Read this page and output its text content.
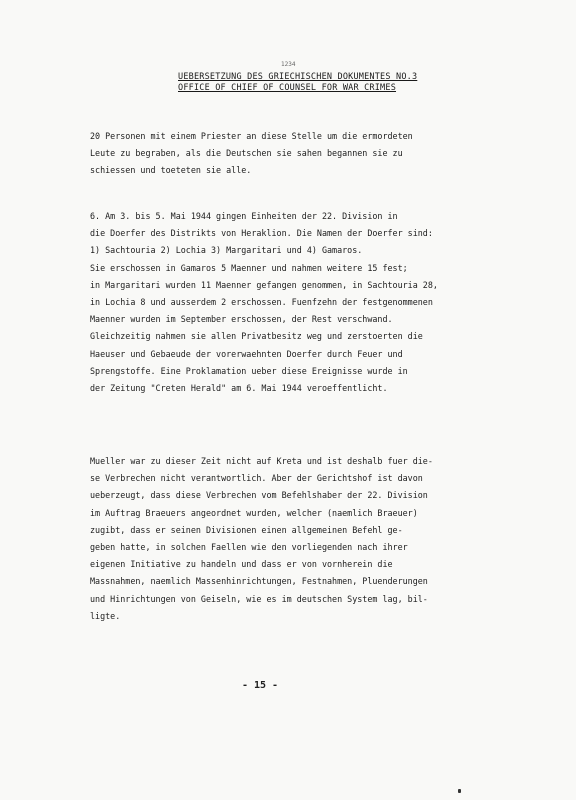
1234
UEBERSETZUNG DES GRIECHISCHEN DOKUMENTES NO.3
OFFICE OF CHIEF OF COUNSEL FOR WAR CRIMES
20 Personen mit einem Priester an diese Stelle um die ermordeten
Leute zu begraben, als die Deutschen sie sahen begannen sie zu
schiessen und toeteten sie alle.
6. Am 3. bis 5. Mai 1944 gingen Einheiten der 22. Division in
die Doerfer des Distrikts von Heraklion. Die Namen der Doerfer sind:
1) Sachtouria 2) Lochia 3) Margaritari und 4) Gamaros.
Sie erschossen in Gamaros 5 Maenner und nahmen weitere 15 fest;
in Margaritari wurden 11 Maenner gefangen genommen, in Sachtouria 28,
in Lochia 8 und ausserdem 2 erschossen. Fuenfzehn der festgenommenen
Maenner wurden im September erschossen, der Rest verschwand.
Gleichzeitig nahmen sie allen Privatbesitz weg und zerstoerten die
Haeuser und Gebaeude der vorerwaehnten Doerfer durch Feuer und
Sprengstoffe. Eine Proklamation ueber diese Ereignisse wurde in
der Zeitung "Creten Herald" am 6. Mai 1944 veroeffentlicht.
Mueller war zu dieser Zeit nicht auf Kreta und ist deshalb fuer die-
se Verbrechen nicht verantwortlich. Aber der Gerichtshof ist davon
ueberzeugt, dass diese Verbrechen vom Befehlshaber der 22. Division
im Auftrag Braeuers angeordnet wurden, welcher (naemlich Braeuer)
zugibt, dass er seinen Divisionen einen allgemeinen Befehl ge-
geben hatte, in solchen Faellen wie den vorliegenden nach ihrer
eigenen Initiative zu handeln und dass er von vornherein die
Massnahmen, naemlich Massenhinrichtungen, Festnahmen, Pluenderungen
und Hinrichtungen von Geiseln, wie es im deutschen System lag, bil-
ligte.
- 15 -
